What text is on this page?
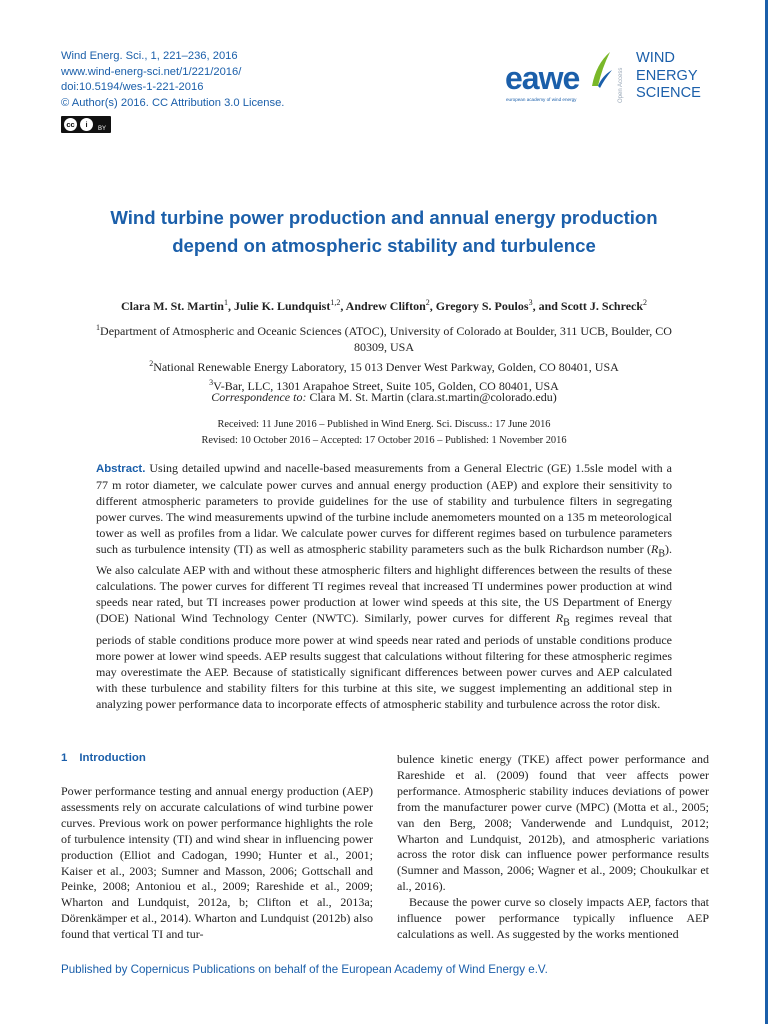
Wind Energ. Sci., 1, 221–236, 2016
www.wind-energ-sci.net/1/221/2016/
doi:10.5194/wes-1-221-2016
© Author(s) 2016. CC Attribution 3.0 License.
cc	i	BY
eawe
european academy of wind energy	Open Access
WIND
ENERGY
SCIENCE
Wind turbine power production and annual energy production depend on atmospheric stability and turbulence
Clara M. St. Martin$^1$, Julie K. Lundquist$^{1,2}$, Andrew Clifton$^2$, Gregory S. Poulos$^3$, and Scott J. Schreck$^2$
$^1$Department of Atmospheric and Oceanic Sciences (ATOC), University of Colorado at Boulder, 311 UCB, Boulder, CO 80309, USA
$^2$National Renewable Energy Laboratory, 15 013 Denver West Parkway, Golden, CO 80401, USA
$^3$V-Bar, LLC, 1301 Arapahoe Street, Suite 105, Golden, CO 80401, USA
Correspondence to: Clara M. St. Martin (clara.st.martin@colorado.edu)
Received: 11 June 2016 – Published in Wind Energ. Sci. Discuss.: 17 June 2016
Revised: 10 October 2016 – Accepted: 17 October 2016 – Published: 1 November 2016
Abstract. Using detailed upwind and nacelle-based measurements from a General Electric (GE) 1.5sle model with a 77 m rotor diameter, we calculate power curves and annual energy production (AEP) and explore their sensitivity to different atmospheric parameters to provide guidelines for the use of stability and turbulence filters in segregating power curves. The wind measurements upwind of the turbine include anemometers mounted on a 135 m meteorological tower as well as profiles from a lidar. We calculate power curves for different regimes based on turbulence parameters such as turbulence intensity (TI) as well as atmospheric stability parameters such as the bulk Richardson number $(R_B)$. We also calculate AEP with and without these atmospheric filters and highlight differences between the results of these calculations. The power curves for different TI regimes reveal that increased TI undermines power production at wind speeds near rated, but TI increases power production at lower wind speeds at this site, the US Department of Energy (DOE) National Wind Technology Center (NWTC). Similarly, power curves for different $R_B$ regimes reveal that periods of stable conditions produce more power at wind speeds near rated and periods of unstable conditions produce more power at lower wind speeds. AEP results suggest that calculations without filtering for these atmospheric regimes may overestimate the AEP. Because of statistically significant differences between power curves and AEP calculated with these turbulence and stability filters for this turbine at this site, we suggest implementing an additional step in analyzing power performance data to incorporate effects of atmospheric stability and turbulence across the rotor disk.
1 Introduction

Power performance testing and annual energy production (AEP) assessments rely on accurate calculations of wind turbine power curves. Previous work on power performance highlights the role of turbulence intensity (TI) and wind shear in influencing power production (Elliot and Cadogan, 1990; Hunter et al., 2001; Kaiser et al., 2003; Sumner and Masson, 2006; Gottschall and Peinke, 2008; Antoniou et al., 2009; Rareshide et al., 2009; Wharton and Lundquist, 2012a, b; Clifton et al., 2013a; Dörenkämper et al., 2014). Wharton and Lundquist (2012b) also found that vertical TI and tur-

bulence kinetic energy (TKE) affect power performance and Rareshide et al. (2009) found that veer affects power performance. Atmospheric stability induces deviations of power from the manufacturer power curve (MPC) (Motta et al., 2005; van den Berg, 2008; Vanderwende and Lundquist, 2012; Wharton and Lundquist, 2012b), and atmospheric variations across the rotor disk can influence power performance results (Sumner and Masson, 2006; Wagner et al., 2009; Choukulkar et al., 2016).

Because the power curve so closely impacts AEP, factors that influence power performance typically influence AEP calculations as well. As suggested by the works mentioned

Published by Copernicus Publications on behalf of the European Academy of Wind Energy e.V.
